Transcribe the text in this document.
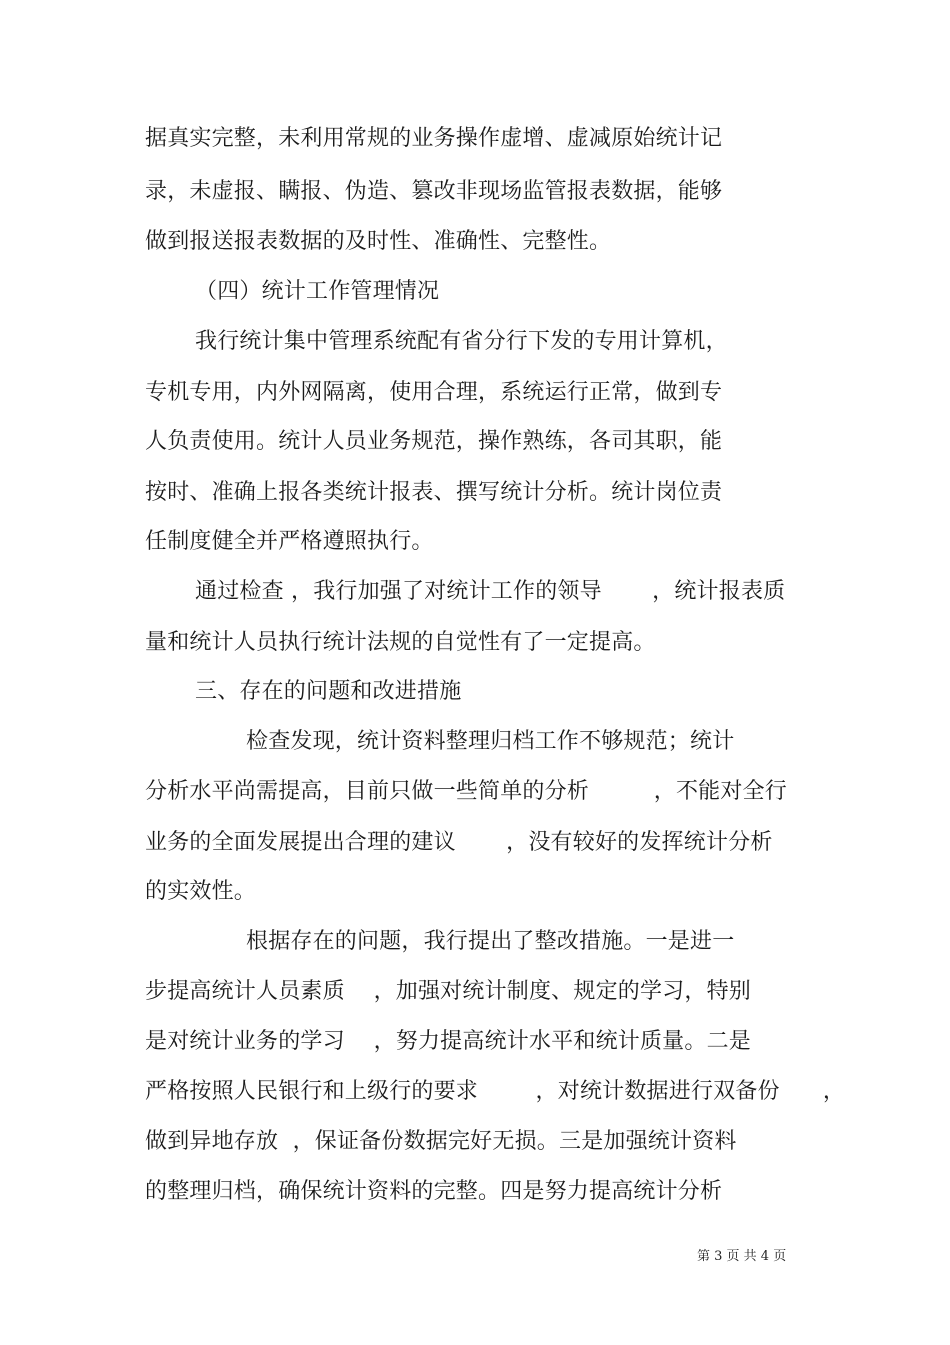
据真实完整，未利用常规的业务操作虚增、虚减原始统计记
录，未虚报、瞒报、伪造、篡改非现场监管报表数据，能够
做到报送报表数据的及时性、准确性、完整性。
（四）统计工作管理情况
我行统计集中管理系统配有省分行下发的专用计算机，
专机专用，内外网隔离，使用合理，系统运行正常，做到专
人负责使用。统计人员业务规范，操作熟练，各司其职，能
按时、准确上报各类统计报表、撰写统计分析。统计岗位责
任制度健全并严格遵照执行。
通过检查 ，我行加强了对统计工作的领导       ，统计报表质
量和统计人员执行统计法规的自觉性有了一定提高。
三、存在的问题和改进措施
检查发现，统计资料整理归档工作不够规范；统计
分析水平尚需提高，目前只做一些简单的分析         ，不能对全行
业务的全面发展提出合理的建议       ，没有较好的发挥统计分析
的实效性。
根据存在的问题，我行提出了整改措施。一是进一
步提高统计人员素质    ，加强对统计制度、规定的学习，特别
是对统计业务的学习    ，努力提高统计水平和统计质量。二是
严格按照人民银行和上级行的要求        ，对统计数据进行双备份      ，
做到异地存放  ，保证备份数据完好无损。三是加强统计资料
的整理归档，确保统计资料的完整。四是努力提高统计分析
第 3 页 共 4 页
